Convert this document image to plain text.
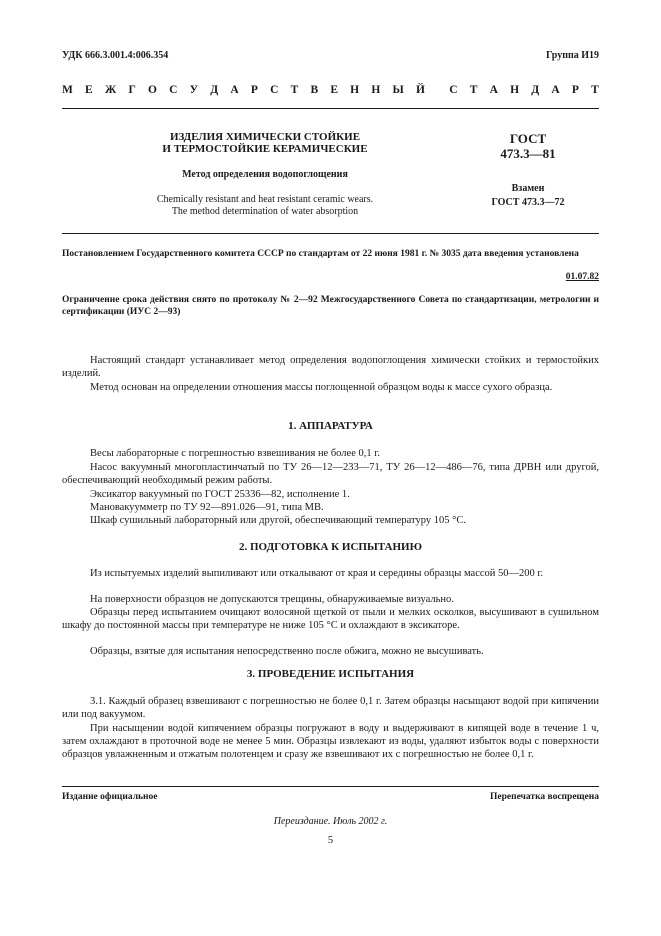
УДК 666.3.001.4:006.354	Группа И19
М Е Ж Г О С У Д А Р С Т В Е Н Н Ы Й С Т А Н Д А Р Т
ИЗДЕЛИЯ ХИМИЧЕСКИ СТОЙКИЕ
И ТЕРМОСТОЙКИЕ КЕРАМИЧЕСКИЕ
Метод определения водопоглощения
Chemically resistant and heat resistant ceramic wears.
The method determination of water absorption
ГОСТ
473.3—81
Взамен
ГОСТ 473.3—72
Постановлением Государственного комитета СССР по стандартам от 22 июня 1981 г. № 3035 дата введения установлена
01.07.82
Ограничение срока действия снято по протоколу № 2—92 Межгосударственного Совета по стандартизации, метрологии и сертификации (ИУС 2—93)

Настоящий стандарт устанавливает метод определения водопоглощения химически стойких и термостойких изделий.

Метод основан на определении отношения массы поглощенной образцом воды к массе сухого образца.

1. АППАРАТУРА
Весы лабораторные с погрешностью взвешивания не более 0,1 г.

Насос вакуумный многопластинчатый по ТУ 26—12—233—71, ТУ 26—12—486—76, типа ДРВН или другой, обеспечивающий необходимый режим работы.

Эксикатор вакуумный по ГОСТ 25336—82, исполнение 1.
Мановакуумметр по ТУ 92—891.026—91, типа МВ.
Шкаф сушильный лабораторный или другой, обеспечивающий температуру 105 °С.
2. ПОДГОТОВКА К ИСПЫТАНИЮ

Из испытуемых изделий выпиливают или откалывают от края и середины образцы массой 50—200 г.

На поверхности образцов не допускаются трещины, обнаруживаемые визуально.

Образцы перед испытанием очищают волосяной щеткой от пыли и мелких осколков, высушивают в сушильном шкафу до постоянной массы при температуре не ниже 105 °С и охлаждают в эксикаторе.

Образцы, взятые для испытания непосредственно после обжига, можно не высушивать.

3. ПРОВЕДЕНИЕ ИСПЫТАНИЯ

3.1. Каждый образец взвешивают с погрешностью не более 0,1 г. Затем образцы насыщают водой при кипячении или под вакуумом.

При насыщении водой кипячением образцы погружают в воду и выдерживают в кипящей воде в течение 1 ч, затем охлаждают в проточной воде не менее 5 мин. Образцы извлекают из воды, удаляют избыток воды с поверхности образцов увлажненным и отжатым полотенцем и сразу же взвешивают их с погрешностью не более 0,1 г.

Издание официальное	Перепечатка воспрещена
Переиздание. Июль 2002 г.
5
